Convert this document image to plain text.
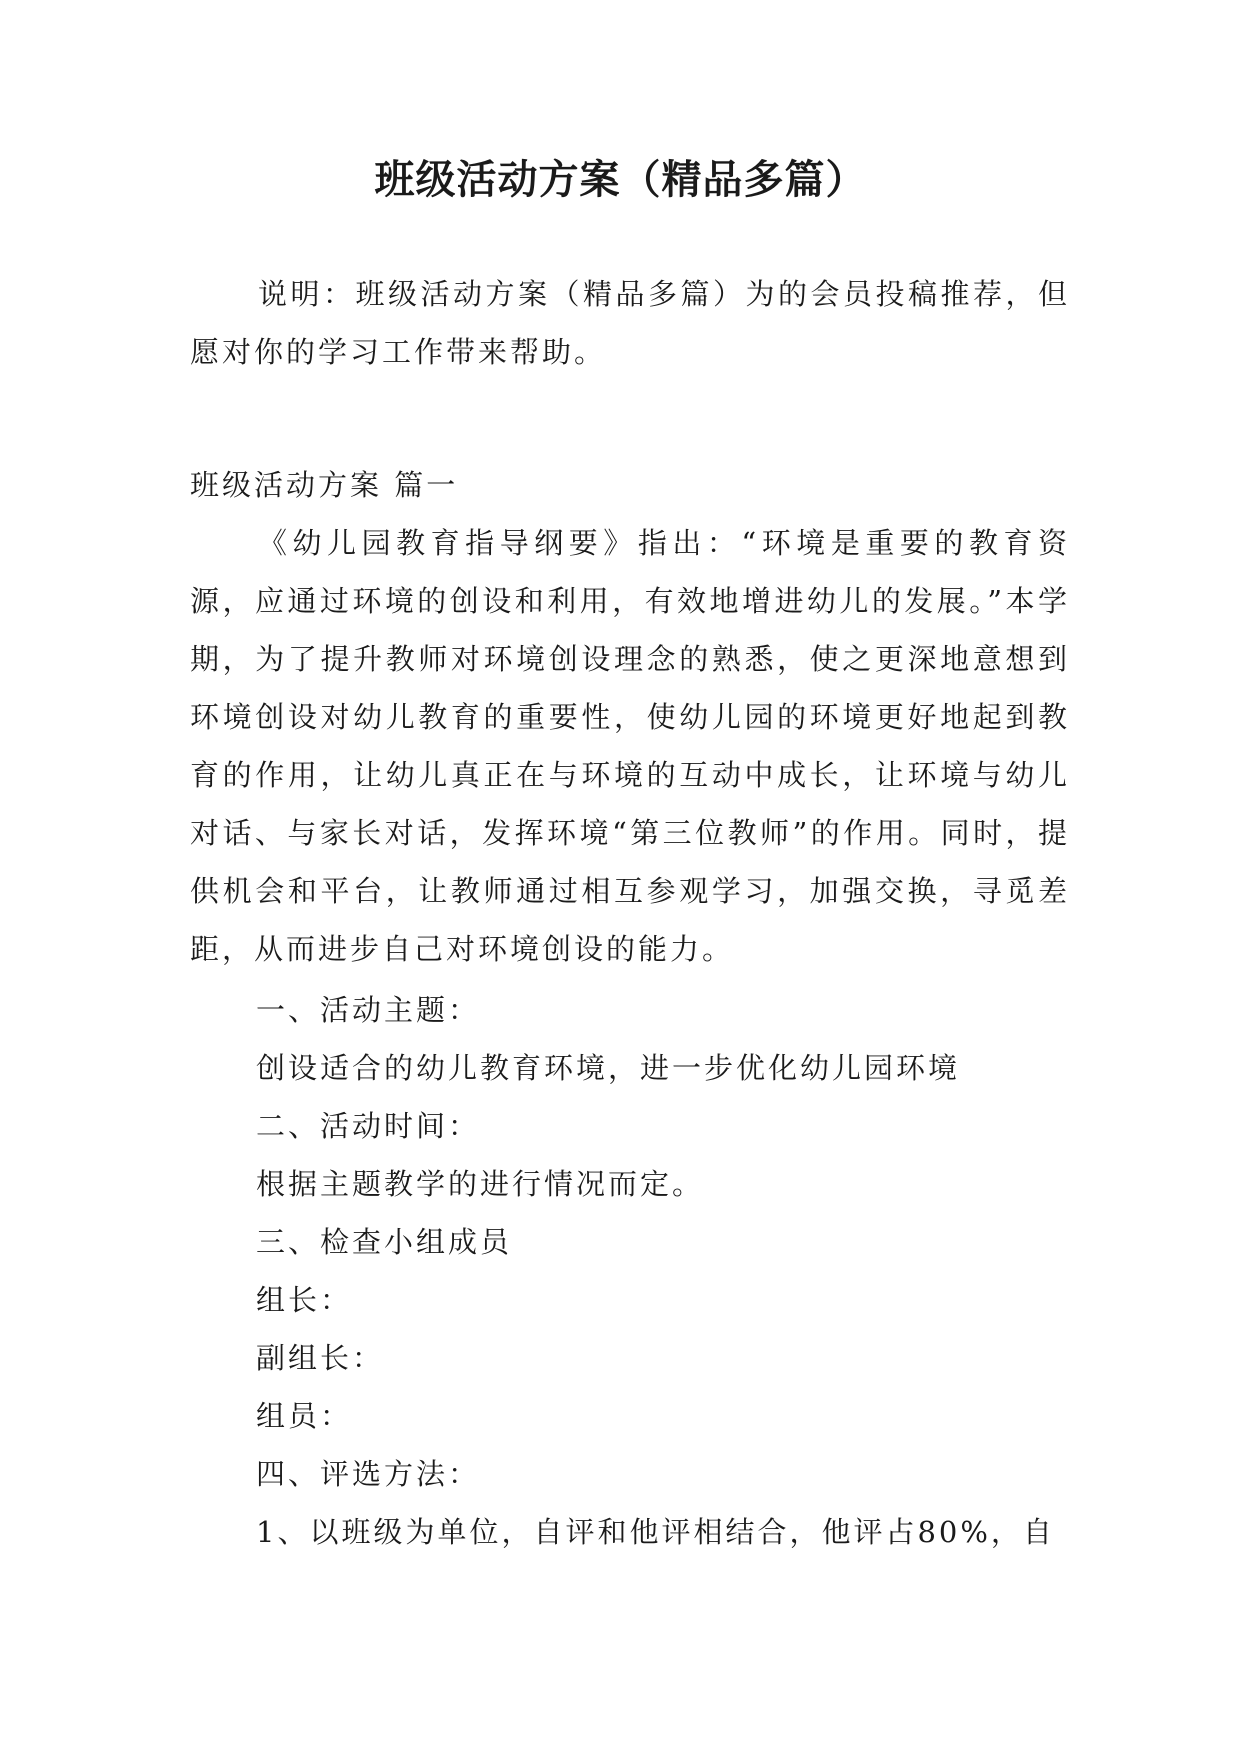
班级活动方案（精品多篇）

说明：班级活动方案（精品多篇）为的会员投稿推荐，但愿对你的学习工作带来帮助。

班级活动方案 篇一

《幼儿园教育指导纲要》指出：“环境是重要的教育资源，应通过环境的创设和利用，有效地增进幼儿的发展。”本学期，为了提升教师对环境创设理念的熟悉，使之更深地意想到环境创设对幼儿教育的重要性，使幼儿园的环境更好地起到教育的作用，让幼儿真正在与环境的互动中成长，让环境与幼儿对话、与家长对话，发挥环境“第三位教师”的作用。同时，提供机会和平台，让教师通过相互参观学习，加强交换，寻觅差距，从而进步自己对环境创设的能力。

一、活动主题：

创设适合的幼儿教育环境，进一步优化幼儿园环境

二、活动时间：

根据主题教学的进行情况而定。

三、检查小组成员

组长：

副组长：

组员：

四、评选方法：

1、以班级为单位，自评和他评相结合，他评占80%，自
